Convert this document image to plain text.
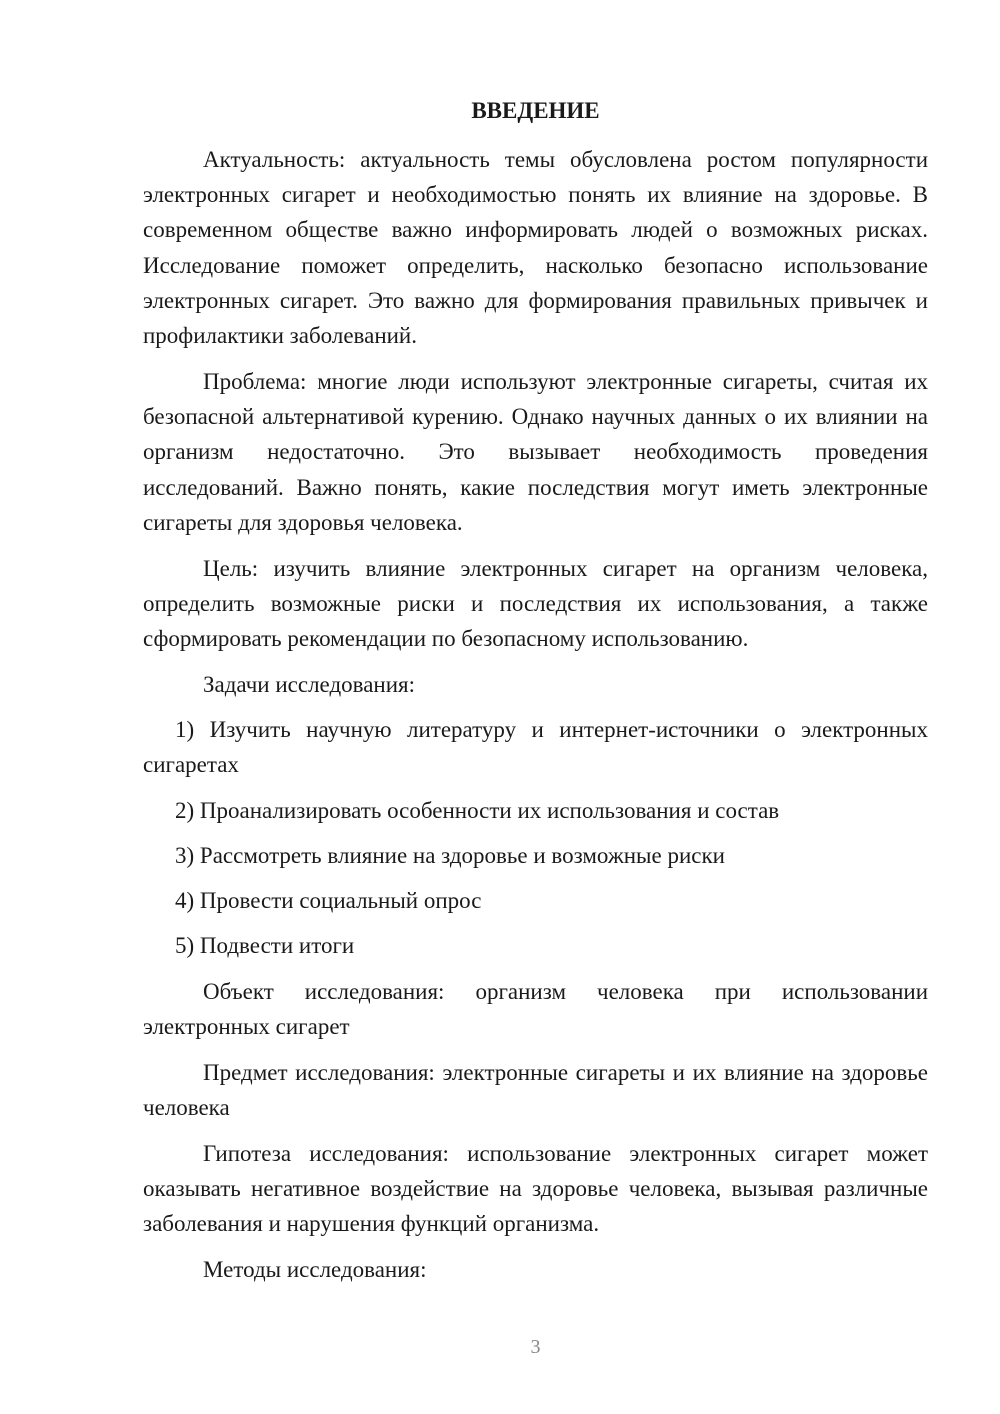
ВВЕДЕНИЕ

Актуальность: актуальность темы обусловлена ростом популярности электронных сигарет и необходимостью понять их влияние на здоровье. В современном обществе важно информировать людей о возможных рисках. Исследование поможет определить, насколько безопасно использование электронных сигарет. Это важно для формирования правильных привычек и профилактики заболеваний.

Проблема: многие люди используют электронные сигареты, считая их безопасной альтернативой курению. Однако научных данных о их влиянии на организм недостаточно. Это вызывает необходимость проведения исследований. Важно понять, какие последствия могут иметь электронные сигареты для здоровья человека.

Цель: изучить влияние электронных сигарет на организм человека, определить возможные риски и последствия их использования, а также сформировать рекомендации по безопасному использованию.

Задачи исследования:

1) Изучить научную литературу и интернет-источники о электронных сигаретах

2) Проанализировать особенности их использования и состав

3) Рассмотреть влияние на здоровье и возможные риски

4) Провести социальный опрос

5) Подвести итоги

Объект исследования: организм человека при использовании электронных сигарет

Предмет исследования: электронные сигареты и их влияние на здоровье человека

Гипотеза исследования: использование электронных сигарет может оказывать негативное воздействие на здоровье человека, вызывая различные заболевания и нарушения функций организма.

Методы исследования:

3
